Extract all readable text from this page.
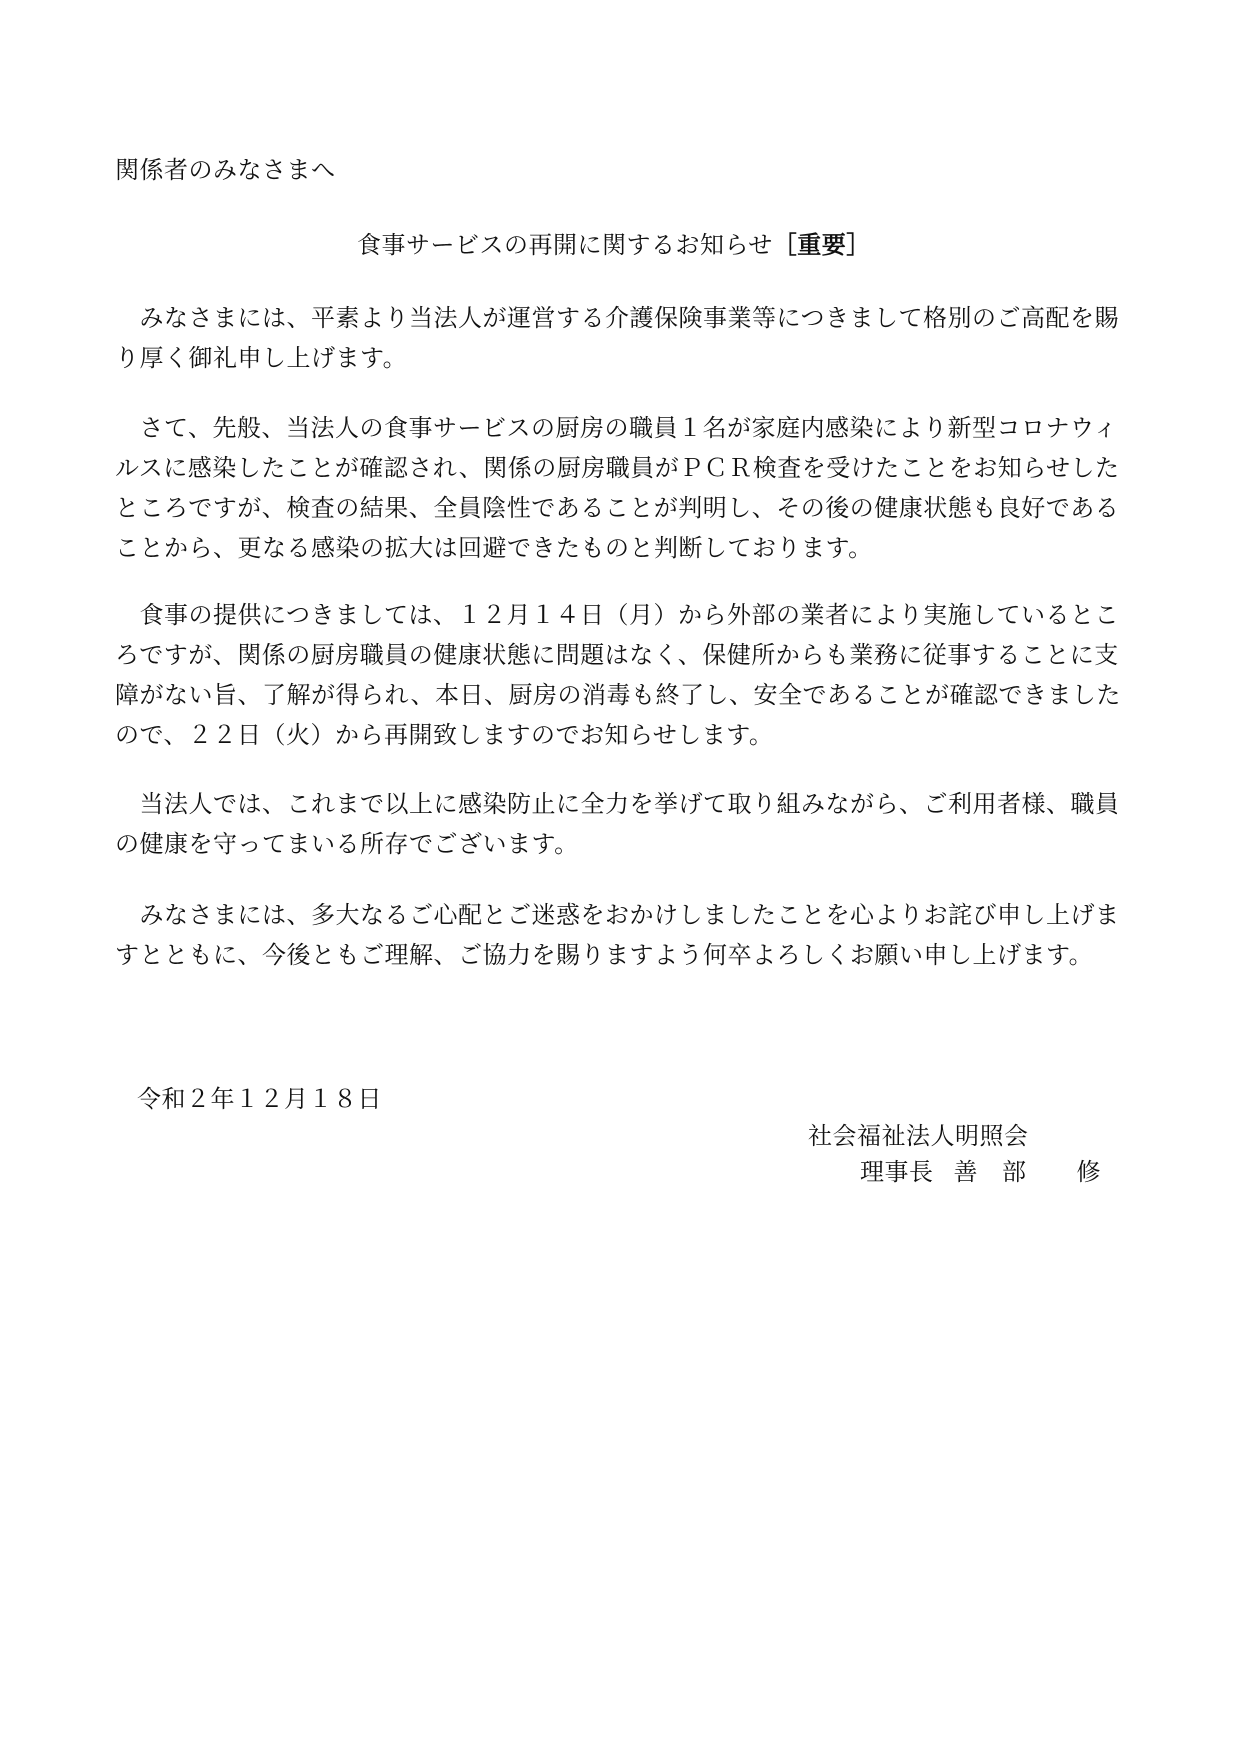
関係者のみなさまへ
食事サービスの再開に関するお知らせ［重要］
　みなさまには、平素より当法人が運営する介護保険事業等につきまして格別のご高配を賜
り厚く御礼申し上げます。
　さて、先般、当法人の食事サービスの厨房の職員１名が家庭内感染により新型コロナウィ
ルスに感染したことが確認され、関係の厨房職員がＰＣＲ検査を受けたことをお知らせした
ところですが、検査の結果、全員陰性であることが判明し、その後の健康状態も良好である
ことから、更なる感染の拡大は回避できたものと判断しております。
　食事の提供につきましては、１２月１４日（月）から外部の業者により実施しているとこ
ろですが、関係の厨房職員の健康状態に問題はなく、保健所からも業務に従事することに支
障がない旨、了解が得られ、本日、厨房の消毒も終了し、安全であることが確認できました
ので、２２日（火）から再開致しますのでお知らせします。
　当法人では、これまで以上に感染防止に全力を挙げて取り組みながら、ご利用者様、職員
の健康を守ってまいる所存でございます。
　みなさまには、多大なるご心配とご迷惑をおかけしましたことを心よりお詫び申し上げま
すとともに、今後ともご理解、ご協力を賜りますよう何卒よろしくお願い申し上げます。
令和２年１２月１８日
社会福祉法人明照会
理事長 善 部 修
